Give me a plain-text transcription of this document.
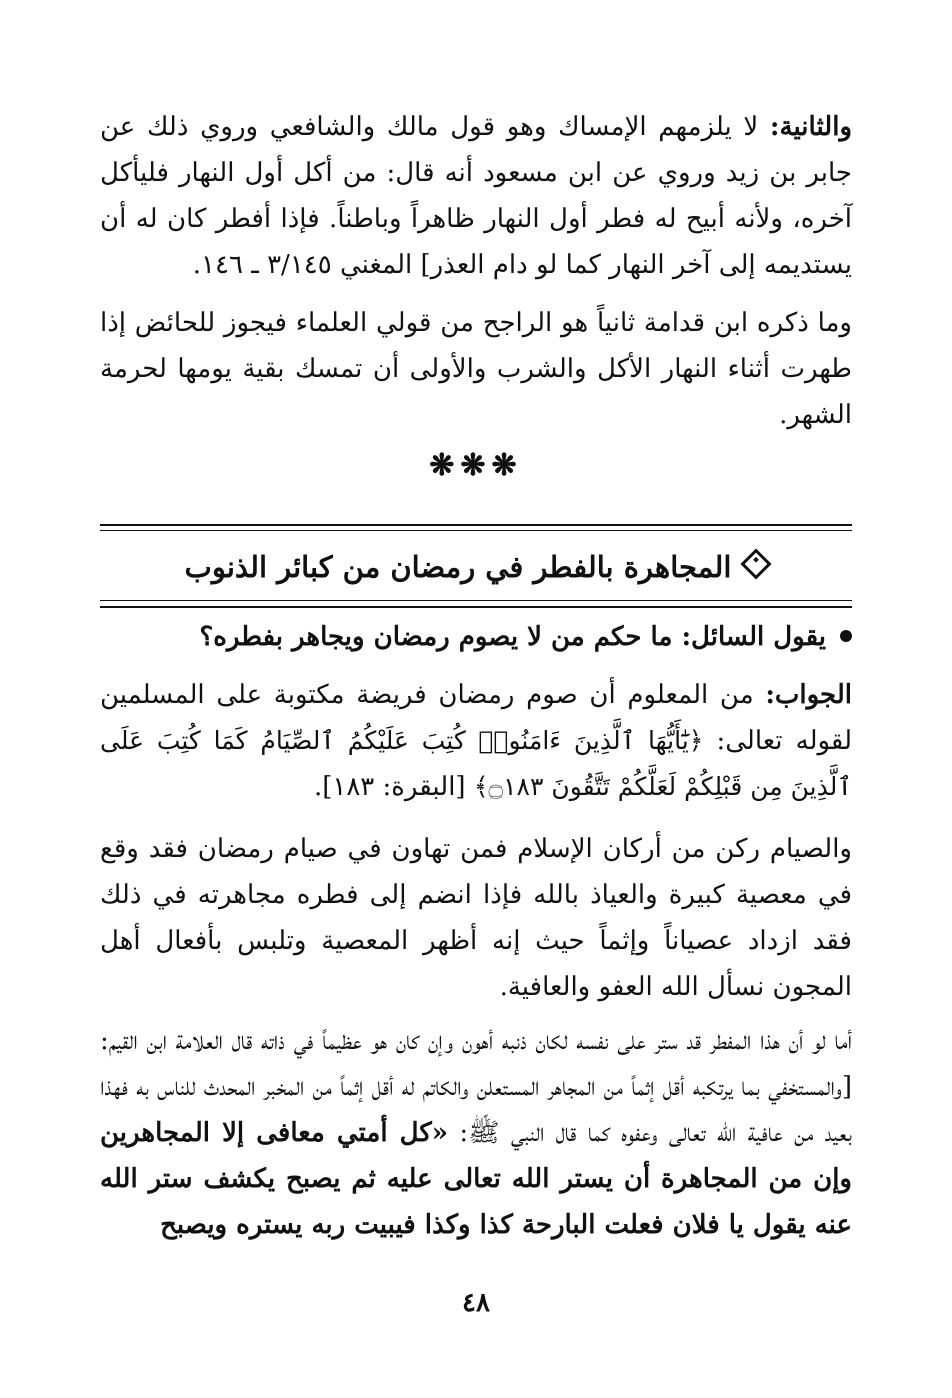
والثانية: لا يلزمهم الإمساك وهو قول مالك والشافعي وروي ذلك عن جابر بن زيد وروي عن ابن مسعود أنه قال: من أكل أول النهار فليأكل آخره، ولأنه أبيح له فطر أول النهار ظاهراً وباطناً. فإذا أفطر كان له أن يستديمه إلى آخر النهار كما لو دام العذر] المغني ٣/١٤٥ ـ ١٤٦.

وما ذكره ابن قدامة ثانياً هو الراجح من قولي العلماء فيجوز للحائض إذا طهرت أثناء النهار الأكل والشرب والأولى أن تمسك بقية يومها لحرمة الشهر.

❋❋❋
المجاهرة بالفطر في رمضان من كبائر الذنوب
يقول السائل: ما حكم من لا يصوم رمضان ويجاهر بفطره؟

الجواب: من المعلوم أن صوم رمضان فريضة مكتوبة على المسلمين لقوله تعالى: ﴿يَٰٓأَيُّهَا ٱلَّذِينَ ءَامَنُوا۟ كُتِبَ عَلَيْكُمُ ٱلصِّيَامُ كَمَا كُتِبَ عَلَى ٱلَّذِينَ مِن قَبْلِكُمْ لَعَلَّكُمْ تَتَّقُونَ ۝١٨٣﴾ [البقرة: ١٨٣].

والصيام ركن من أركان الإسلام فمن تهاون في صيام رمضان فقد وقع في معصية كبيرة والعياذ بالله فإذا انضم إلى فطره مجاهرته في ذلك فقد ازداد عصياناً وإثماً حيث إنه أظهر المعصية وتلبس بأفعال أهل المجون نسأل الله العفو والعافية.

أما لو أن هذا المفطر قد ستر على نفسه لكان ذنبه أهون وإن كان هو عظيماً في ذاته قال العلامة ابن القيم: [والمستخفي بما يرتكبه أقل إثماً من المجاهر المستعلن والكاتم له أقل إثماً من المخبر المحدث للناس به فهذا بعيد من عافية الله تعالى وعفوه كما قال النبي ﷺ: «كل أمتي معافى إلا المجاهرين وإن من المجاهرة أن يستر الله تعالى عليه ثم يصبح يكشف ستر الله عنه يقول يا فلان فعلت البارحة كذا وكذا فيبيت ربه يستره ويصبح

٤٨
